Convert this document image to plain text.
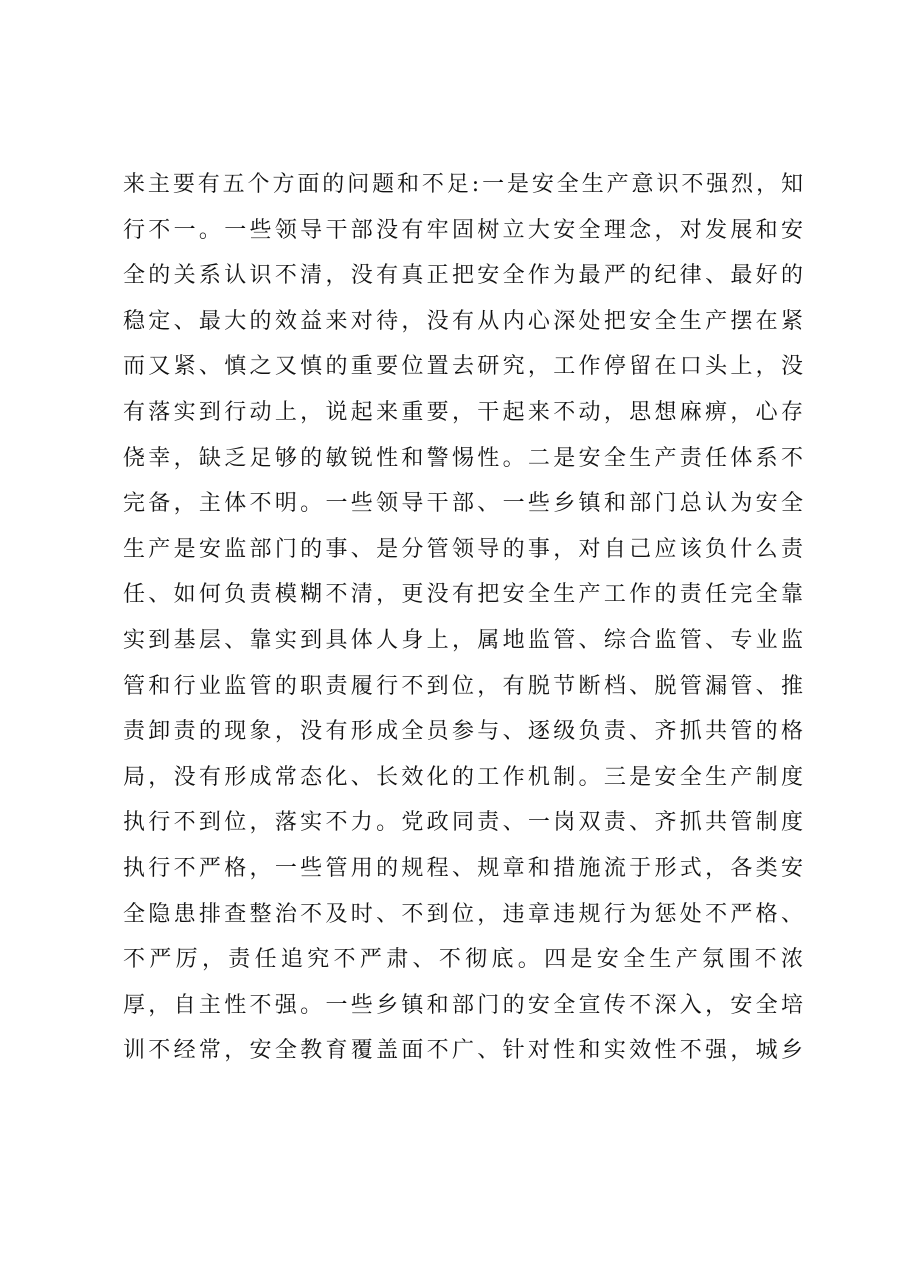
来主要有五个方面的问题和不足:一是安全生产意识不强烈，知
行不一。一些领导干部没有牢固树立大安全理念，对发展和安
全的关系认识不清，没有真正把安全作为最严的纪律、最好的
稳定、最大的效益来对待，没有从内心深处把安全生产摆在紧
而又紧、慎之又慎的重要位置去研究，工作停留在口头上，没
有落实到行动上，说起来重要，干起来不动，思想麻痹，心存
侥幸，缺乏足够的敏锐性和警惕性。二是安全生产责任体系不
完备，主体不明。一些领导干部、一些乡镇和部门总认为安全
生产是安监部门的事、是分管领导的事，对自己应该负什么责
任、如何负责模糊不清，更没有把安全生产工作的责任完全靠
实到基层、靠实到具体人身上，属地监管、综合监管、专业监
管和行业监管的职责履行不到位，有脱节断档、脱管漏管、推
责卸责的现象，没有形成全员参与、逐级负责、齐抓共管的格
局，没有形成常态化、长效化的工作机制。三是安全生产制度
执行不到位，落实不力。党政同责、一岗双责、齐抓共管制度
执行不严格，一些管用的规程、规章和措施流于形式，各类安
全隐患排查整治不及时、不到位，违章违规行为惩处不严格、
不严厉，责任追究不严肃、不彻底。四是安全生产氛围不浓
厚，自主性不强。一些乡镇和部门的安全宣传不深入，安全培
训不经常，安全教育覆盖面不广、针对性和实效性不强，城乡
